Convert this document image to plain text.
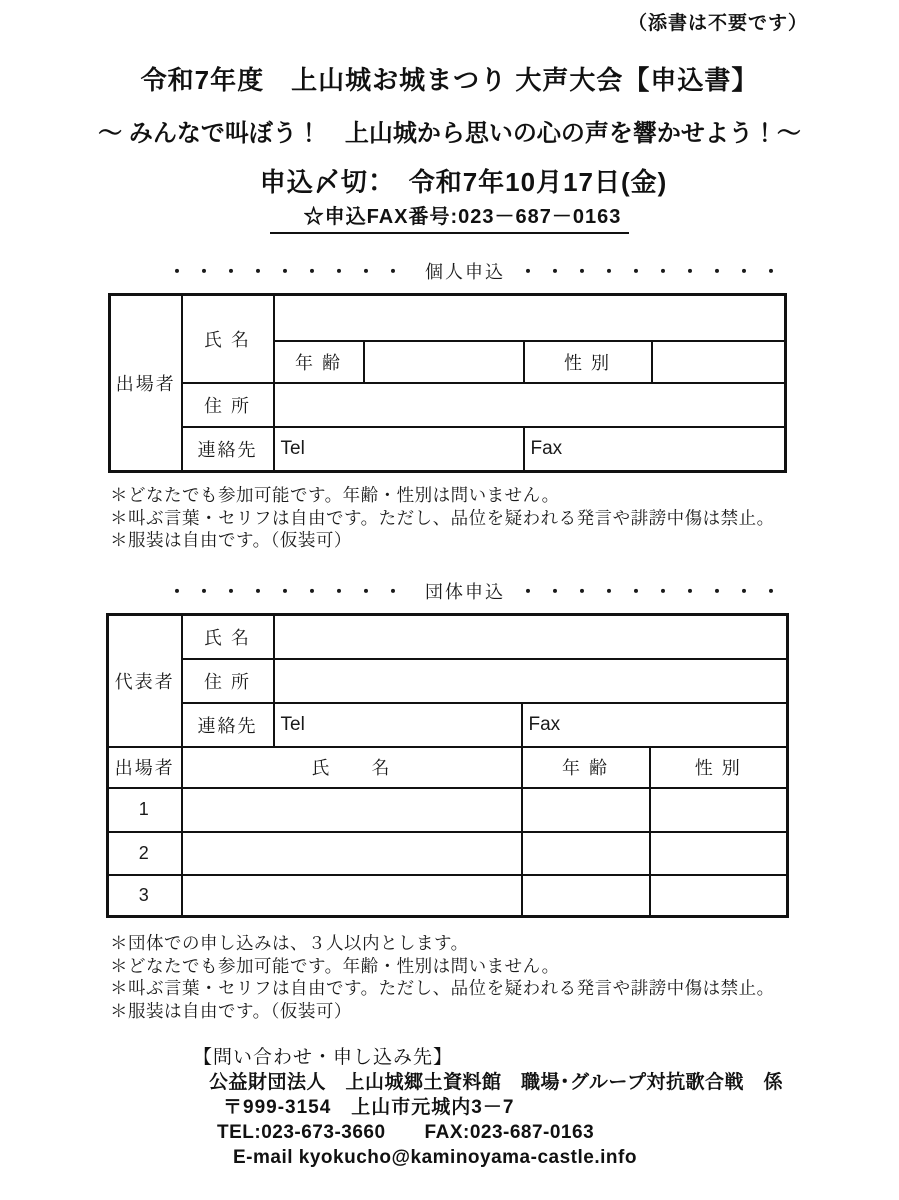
（添書は不要です）
令和7年度　上山城お城まつり 大声大会【申込書】
～ みんなで叫ぼう！　上山城から思いの心の声を響かせよう！～
申込〆切：　令和7年10月17日(金)
☆申込FAX番号:023－687－0163
・・・・・・・・・ 個人申込 ・・・・・・・・・・
出場者	氏 名				
		年 齢		性 別	
	住 所				
	連絡先	Tel		Fax	
＊どなたでも参加可能です。年齢・性別は問いません。
＊叫ぶ言葉・セリフは自由です。ただし、品位を疑われる発言や誹謗中傷は禁止。
＊服装は自由です。（仮装可）
・・・・・・・・・ 団体申込 ・・・・・・・・・・
代表者	氏 名			
	住 所			
	連絡先	Tel	Fax	
出場者	氏　　名		年 齢	性 別
1				
2				
3				
＊団体での申し込みは、３人以内とします。
＊どなたでも参加可能です。年齢・性別は問いません。
＊叫ぶ言葉・セリフは自由です。ただし、品位を疑われる発言や誹謗中傷は禁止。
＊服装は自由です。（仮装可）
【問い合わせ・申し込み先】
公益財団法人　上山城郷土資料館　職場･グループ対抗歌合戦　係
〒999-3154　上山市元城内3－7
TEL:023-673-3660　　FAX:023-687-0163
E-mail kyokucho@kaminoyama-castle.info
